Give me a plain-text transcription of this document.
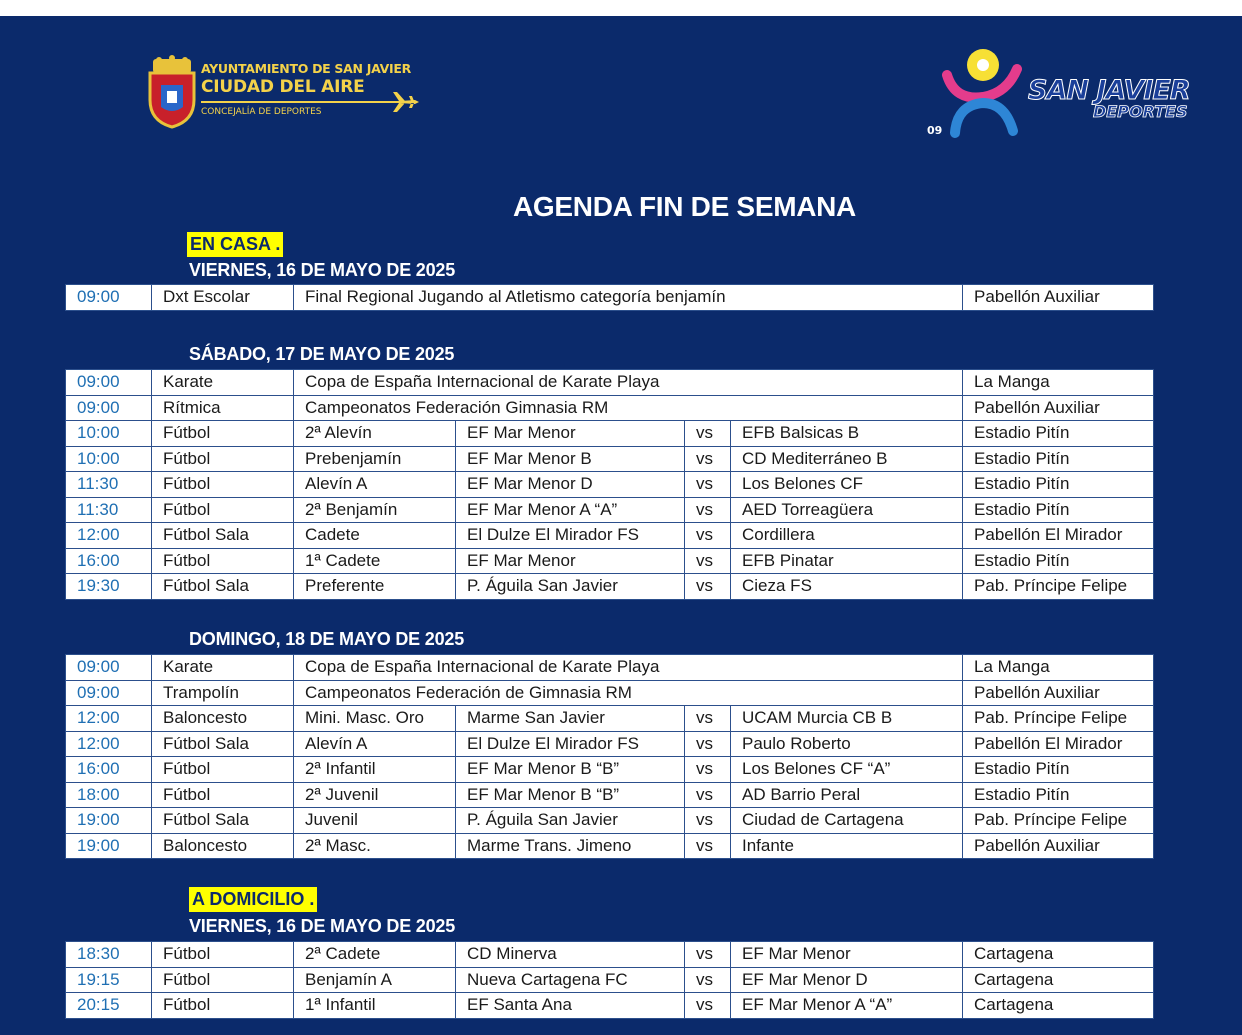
AYUNTAMIENTO DE SAN JAVIER
CIUDAD DEL AIRE
CONCEJALÍA DE DEPORTES
SAN JAVIER
DEPORTES
09
AGENDA FIN DE SEMANA
EN CASA .
VIERNES, 16 DE MAYO DE 2025
09:00	Dxt Escolar	Final Regional Jugando al Atletismo categoría benjamín	Pabellón Auxiliar
SÁBADO, 17 DE MAYO DE 2025
09:00	Karate	Copa de España Internacional de Karate Playa				La Manga
09:00	Rítmica	Campeonatos Federación Gimnasia RM				Pabellón Auxiliar
10:00	Fútbol	2ª Alevín	EF Mar Menor	vs	EFB Balsicas B	Estadio Pitín
10:00	Fútbol	Prebenjamín	EF Mar Menor B	vs	CD Mediterráneo B	Estadio Pitín
11:30	Fútbol	Alevín A	EF Mar Menor D	vs	Los Belones CF	Estadio Pitín
11:30	Fútbol	2ª Benjamín	EF Mar Menor A “A”	vs	AED Torreagüera	Estadio Pitín
12:00	Fútbol Sala	Cadete	El Dulze El Mirador FS	vs	Cordillera	Pabellón El Mirador
16:00	Fútbol	1ª Cadete	EF Mar Menor	vs	EFB Pinatar	Estadio Pitín
19:30	Fútbol Sala	Preferente	P. Águila San Javier	vs	Cieza FS	Pab. Príncipe Felipe
DOMINGO, 18 DE MAYO DE 2025
09:00	Karate	Copa de España Internacional de Karate Playa				La Manga
09:00	Trampolín	Campeonatos Federación de Gimnasia RM				Pabellón Auxiliar
12:00	Baloncesto	Mini. Masc. Oro	Marme San Javier	vs	UCAM Murcia CB B	Pab. Príncipe Felipe
12:00	Fútbol Sala	Alevín A	El Dulze El Mirador FS	vs	Paulo Roberto	Pabellón El Mirador
16:00	Fútbol	2ª Infantil	EF Mar Menor B “B”	vs	Los Belones CF “A”	Estadio Pitín
18:00	Fútbol	2ª Juvenil	EF Mar Menor B “B”	vs	AD Barrio Peral	Estadio Pitín
19:00	Fútbol Sala	Juvenil	P. Águila San Javier	vs	Ciudad de Cartagena	Pab. Príncipe Felipe
19:00	Baloncesto	2ª Masc.	Marme Trans. Jimeno	vs	Infante	Pabellón Auxiliar
A DOMICILIO .
VIERNES, 16 DE MAYO DE 2025
18:30	Fútbol	2ª Cadete	CD Minerva	vs	EF Mar Menor	Cartagena
19:15	Fútbol	Benjamín A	Nueva Cartagena FC	vs	EF Mar Menor D	Cartagena
20:15	Fútbol	1ª Infantil	EF Santa Ana	vs	EF Mar Menor A “A”	Cartagena
